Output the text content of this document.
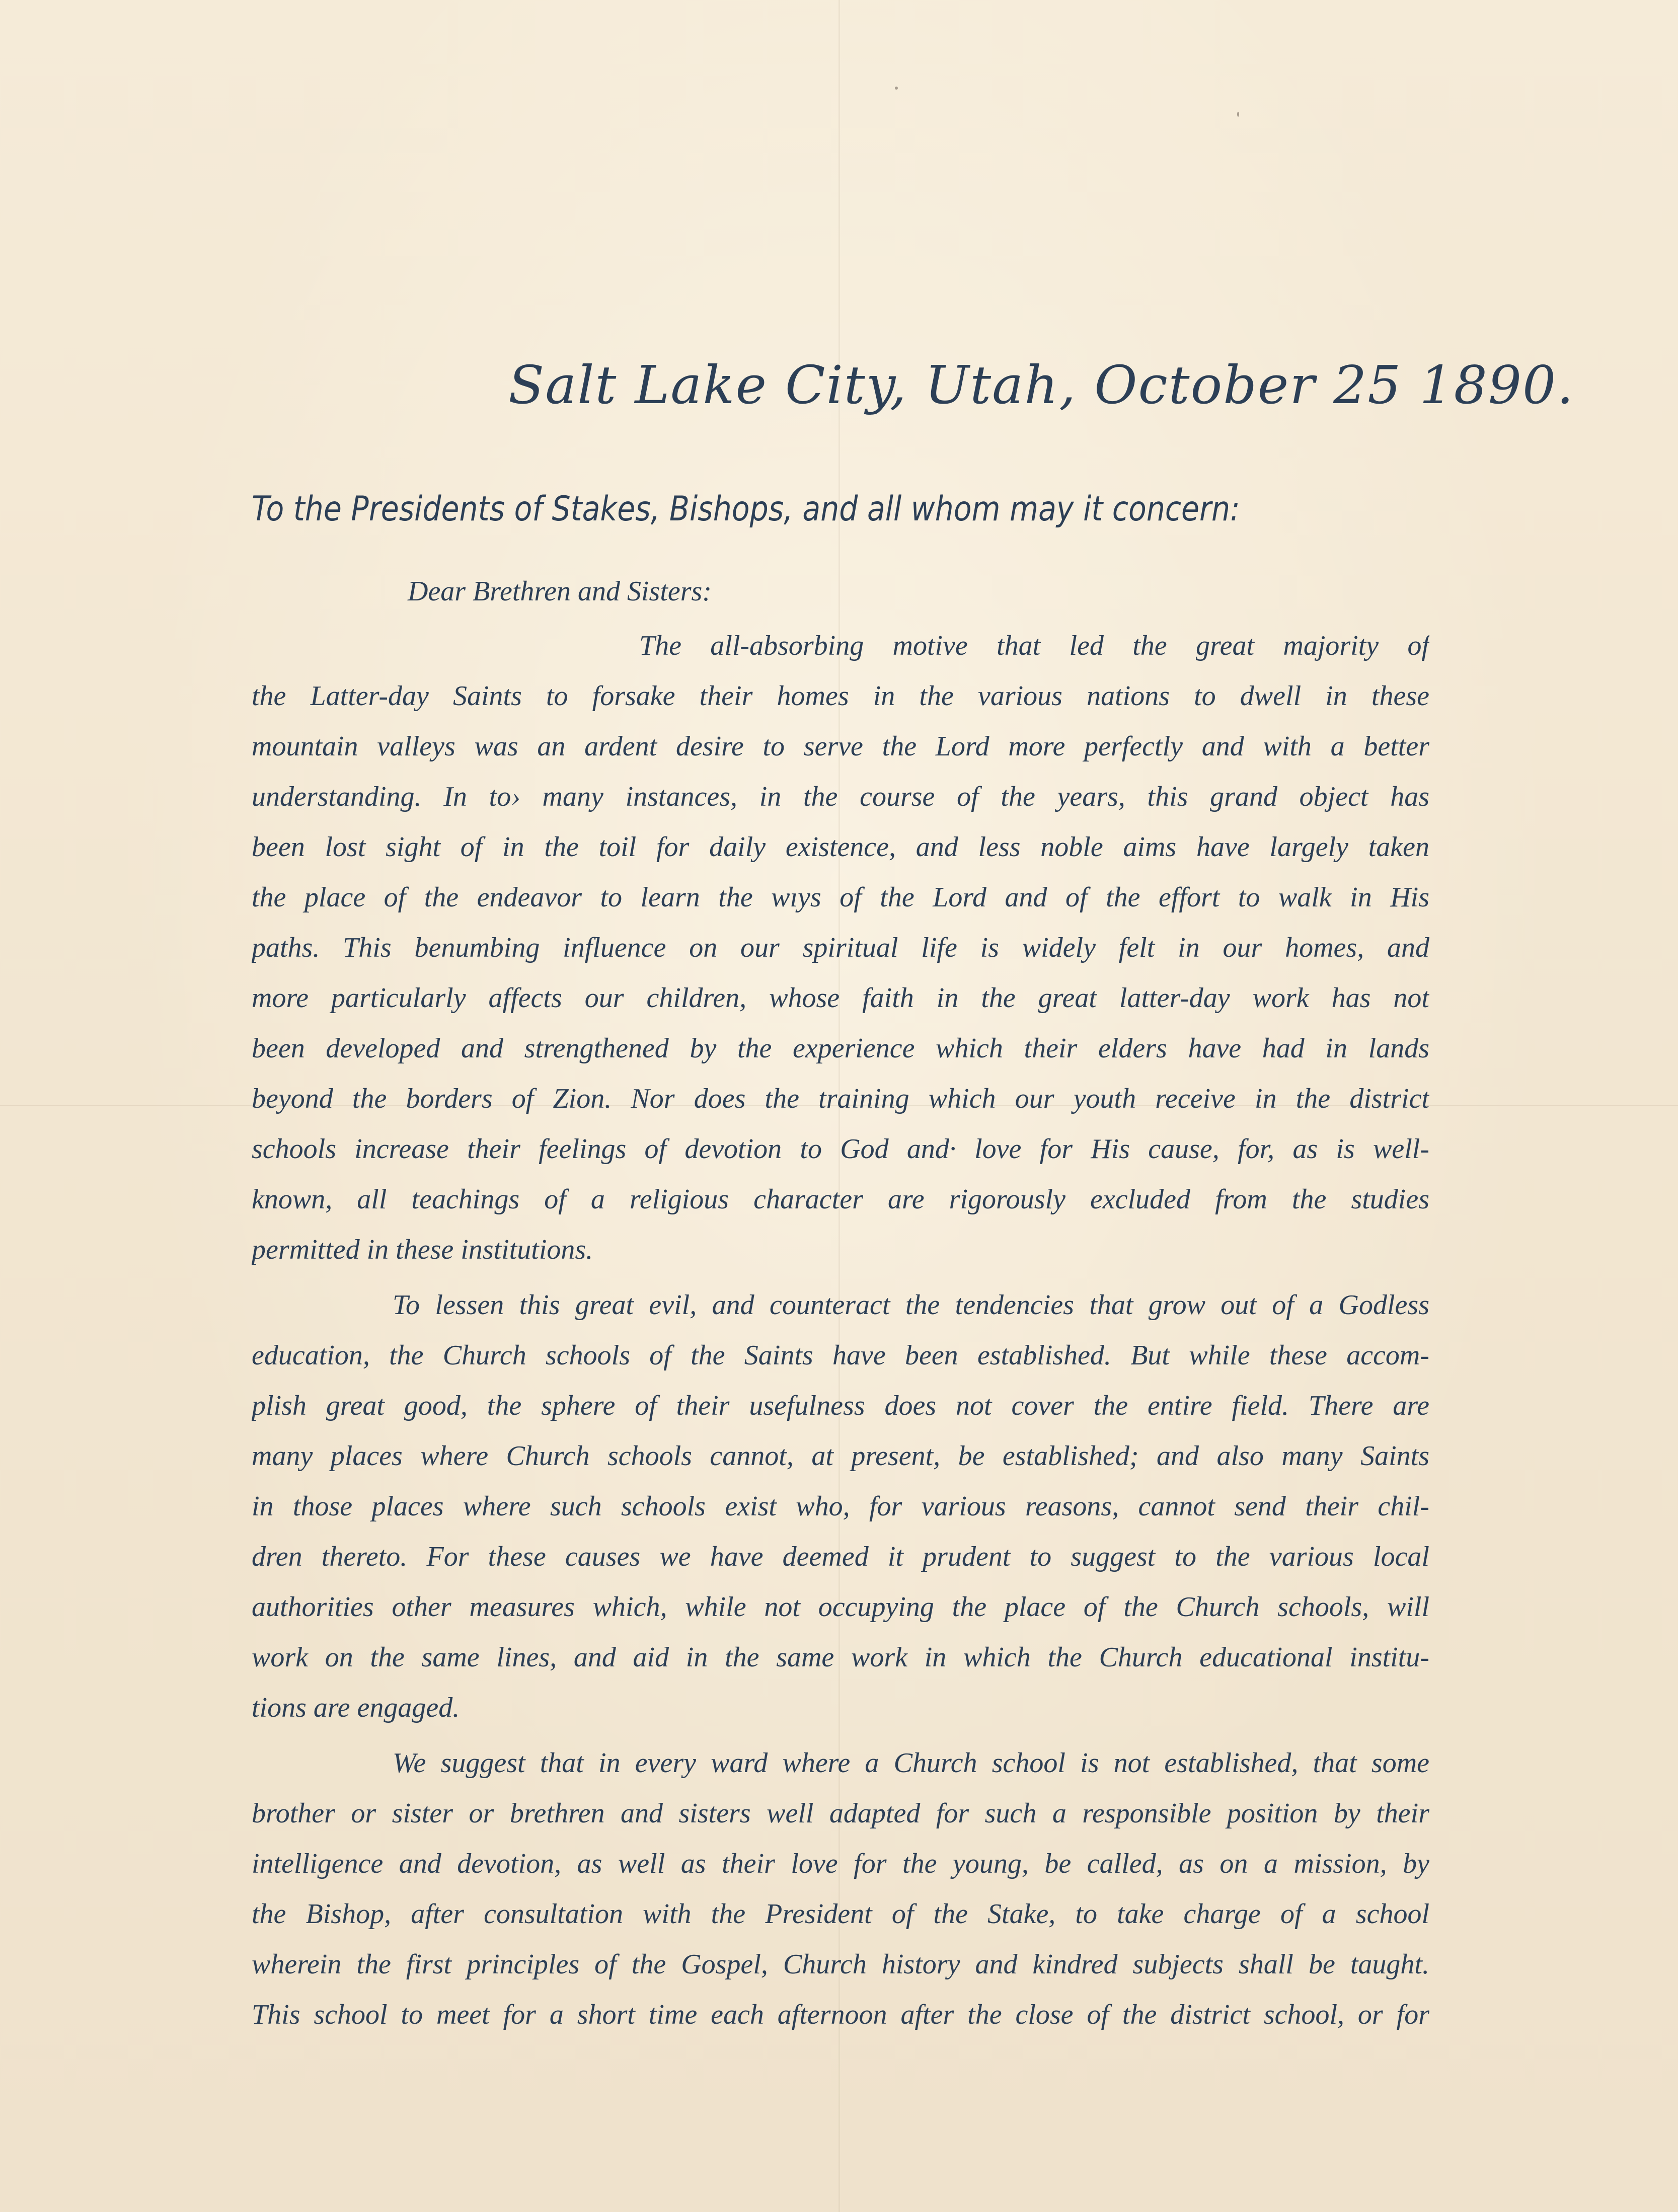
Salt Lake City, Utah, October 25 1890.
To the Presidents of Stakes, Bishops, and all whom may it concern:
Dear Brethren and Sisters:
The all-absorbing motive that led the great majority of
the Latter-day Saints to forsake their homes in the various nations to dwell in these
mountain valleys was an ardent desire to serve the Lord more perfectly and with a better
understanding. In to› many instances, in the course of the years, this grand object has
been lost sight of in the toil for daily existence, and less noble aims have largely taken
the place of the endeavor to learn the wıys of the Lord and of the effort to walk in His
paths. This benumbing influence on our spiritual life is widely felt in our homes, and
more particularly affects our children, whose faith in the great latter-day work has not
been developed and strengthened by the experience which their elders have had in lands
beyond the borders of Zion. Nor does the training which our youth receive in the district
schools increase their feelings of devotion to God and· love for His cause, for, as is well-
known, all teachings of a religious character are rigorously excluded from the studies
permitted in these institutions.
To lessen this great evil, and counteract the tendencies that grow out of a Godless
education, the Church schools of the Saints have been established. But while these accom-
plish great good, the sphere of their usefulness does not cover the entire field. There are
many places where Church schools cannot, at present, be established; and also many Saints
in those places where such schools exist who, for various reasons, cannot send their chil-
dren thereto. For these causes we have deemed it prudent to suggest to the various local
authorities other measures which, while not occupying the place of the Church schools, will
work on the same lines, and aid in the same work in which the Church educational institu-
tions are engaged.
We suggest that in every ward where a Church school is not established, that some
brother or sister or brethren and sisters well adapted for such a responsible position by their
intelligence and devotion, as well as their love for the young, be called, as on a mission, by
the Bishop, after consultation with the President of the Stake, to take charge of a school
wherein the first principles of the Gospel, Church history and kindred subjects shall be taught.
This school to meet for a short time each afternoon after the close of the district school, or for
